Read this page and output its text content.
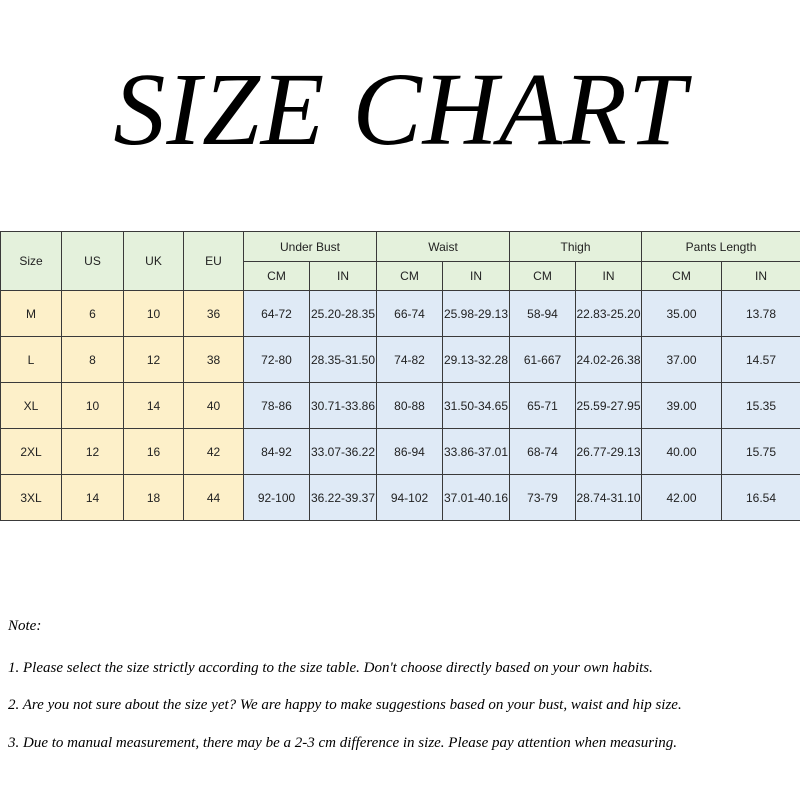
SIZE CHART
Size	US	UK	EU	Under Bust		Waist		Thigh		Pants Length	
				CM	IN	CM	IN	CM	IN	CM	IN
M	6	10	36	64-72	25.20-28.35	66-74	25.98-29.13	58-94	22.83-25.20	35.00	13.78
L	8	12	38	72-80	28.35-31.50	74-82	29.13-32.28	61-667	24.02-26.38	37.00	14.57
XL	10	14	40	78-86	30.71-33.86	80-88	31.50-34.65	65-71	25.59-27.95	39.00	15.35
2XL	12	16	42	84-92	33.07-36.22	86-94	33.86-37.01	68-74	26.77-29.13	40.00	15.75
3XL	14	18	44	92-100	36.22-39.37	94-102	37.01-40.16	73-79	28.74-31.10	42.00	16.54
Note:
1. Please select the size strictly according to the size table. Don't choose directly based on your own habits.
2. Are you not sure about the size yet? We are happy to make suggestions based on your bust, waist and hip size.
3. Due to manual measurement, there may be a 2-3 cm difference in size. Please pay attention when measuring.
